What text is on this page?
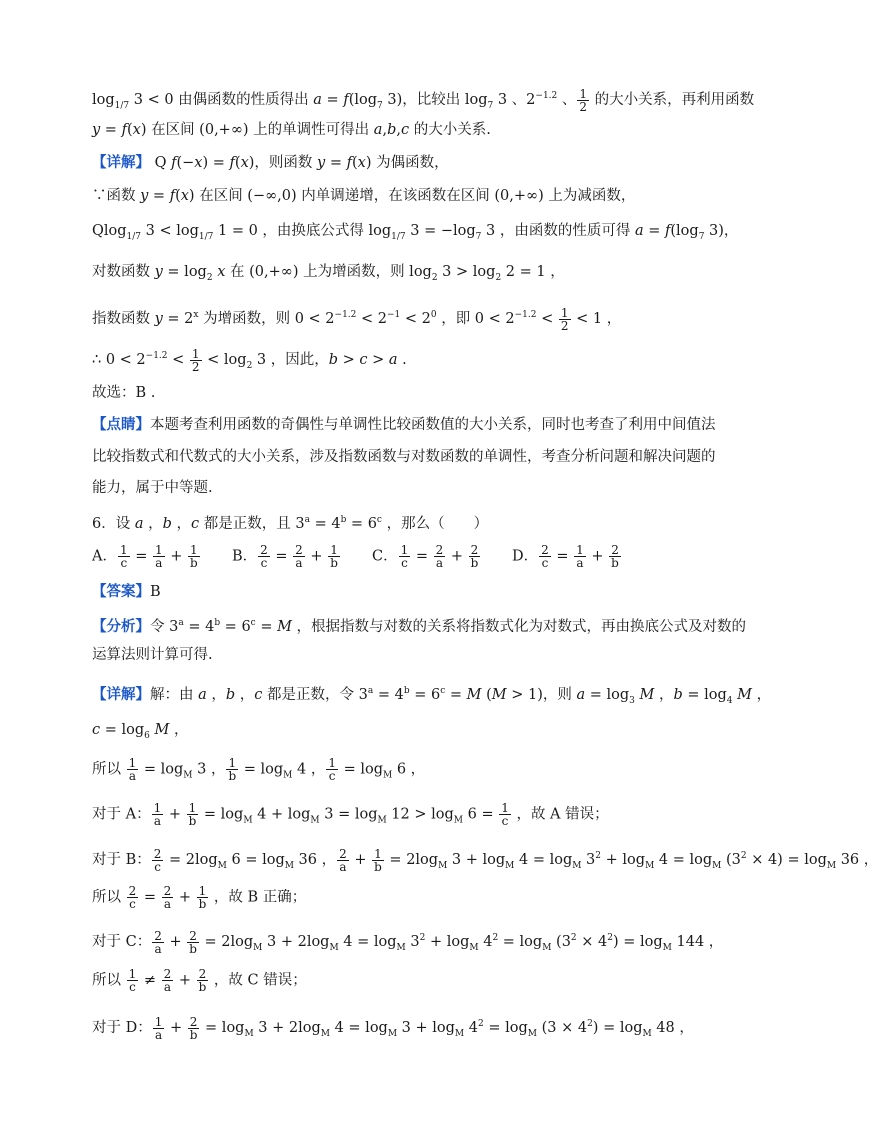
$\log_{1/7} 3 < 0$ 由偶函数的性质得出 $a = f(\log_7$ 3)，比较出 $\log_7 3$ 、$2^{-1.2}$ 、 $\frac{1}{2}$ 的大小关系，再利用函数
y = f(x) 在区间 (0,+∞) 上的单调性可得出 a,b,c 的大小关系.
【详解】 Q f(−x) = f(x)，则函数 y = f(x) 为偶函数，
∵函数 y = f(x) 在区间 (−∞,0) 内单调递增，在该函数在区间 (0,+∞) 上为减函数，
Qlog$_{1/7}$ $3 < \log_{1/7} 1 = 0$ ，由换底公式得 $\log_{1/7} 3 = -\log_7$ 3 ，由函数的性质可得 $a = f(\log_7$ 3)，
对数函数 $y = \log_2 x$ 在 (0,+∞) 上为增函数，则 $\log_2 3 > \log_2 2 = 1$ ，
指数函数 $y = 2^x$ 为增函数，则 $0 < 2^{-1.2} < 2^{-1} < 2^0$ ，即 $0 < 2^{-1.2} < \frac{1}{2} < 1$ ，
∴ $0 < 2^{-1.2} < \frac{1}{2} < \log_2 3$ ，因此，b > c > a .
故选：B .
【点睛】本题考查利用函数的奇偶性与单调性比较函数值的大小关系，同时也考查了利用中间值法
比较指数式和代数式的大小关系，涉及指数函数与对数函数的单调性，考查分析问题和解决问题的
能力，属于中等题.
6．设 a ，b ，c 都是正数，且 $3^a = 4^b = 6^c$ ，那么（　　）
A． $\frac{1}{c} = \frac{1}{a} + \frac{1}{b}$ B． $\frac{2}{c} = \frac{2}{a} + \frac{1}{b}$ C． $\frac{1}{c} = \frac{2}{a} + \frac{2}{b}$ D． $\frac{2}{c} = \frac{1}{a} + \frac{2}{b}$
【答案】B
【分析】令 $3^a = 4^b = 6^c = M$ ，根据指数与对数的关系将指数式化为对数式，再由换底公式及对数的
运算法则计算可得.
【详解】解：由 a ，b ，c 都是正数，令 $3^a = 4^b = 6^c = M$ (M > 1)，则 $a = \log_3 M$ ，$b = \log_4 M$ ，
$c = \log_6 M$ ，
所以 $\frac{1}{a} = \log_M 3$ ， $\frac{1}{b} = \log_M 4$ ， $\frac{1}{c} = \log_M 6$ ，
对于 A： $\frac{1}{a} + \frac{1}{b} = \log_M 4 + \log_M 3 = \log_M 12 > \log_M 6 = \frac{1}{c}$ ，故 A 错误；
对于 B： $\frac{2}{c} = 2\log_M$ $6 = \log_M 36$ ， $\frac{2}{a} + \frac{1}{b} = 2\log_M$ $3 + \log_M 4 = \log_M 3^2 + \log_M 4 = \log_M (3^2 \times 4) = \log_M 36$ ，
所以 $\frac{2}{c} = \frac{2}{a} + \frac{1}{b}$ ，故 B 正确；
对于 C： $\frac{2}{a} + \frac{2}{b} = 2\log_M$ $3 + 2\log_M$ $4 = \log_M 3^2 + \log_M 4^2 = \log_M (3^2 \times 4^2) = \log_M 144$ ，
所以 $\frac{1}{c} \ne \frac{2}{a} + \frac{2}{b}$ ，故 C 错误；
对于 D： $\frac{1}{a} + \frac{2}{b} = \log_M 3 + 2\log_M$ $4 = \log_M 3 + \log_M 4^2 = \log_M (3 \times 4^2) = \log_M 48$ ，
